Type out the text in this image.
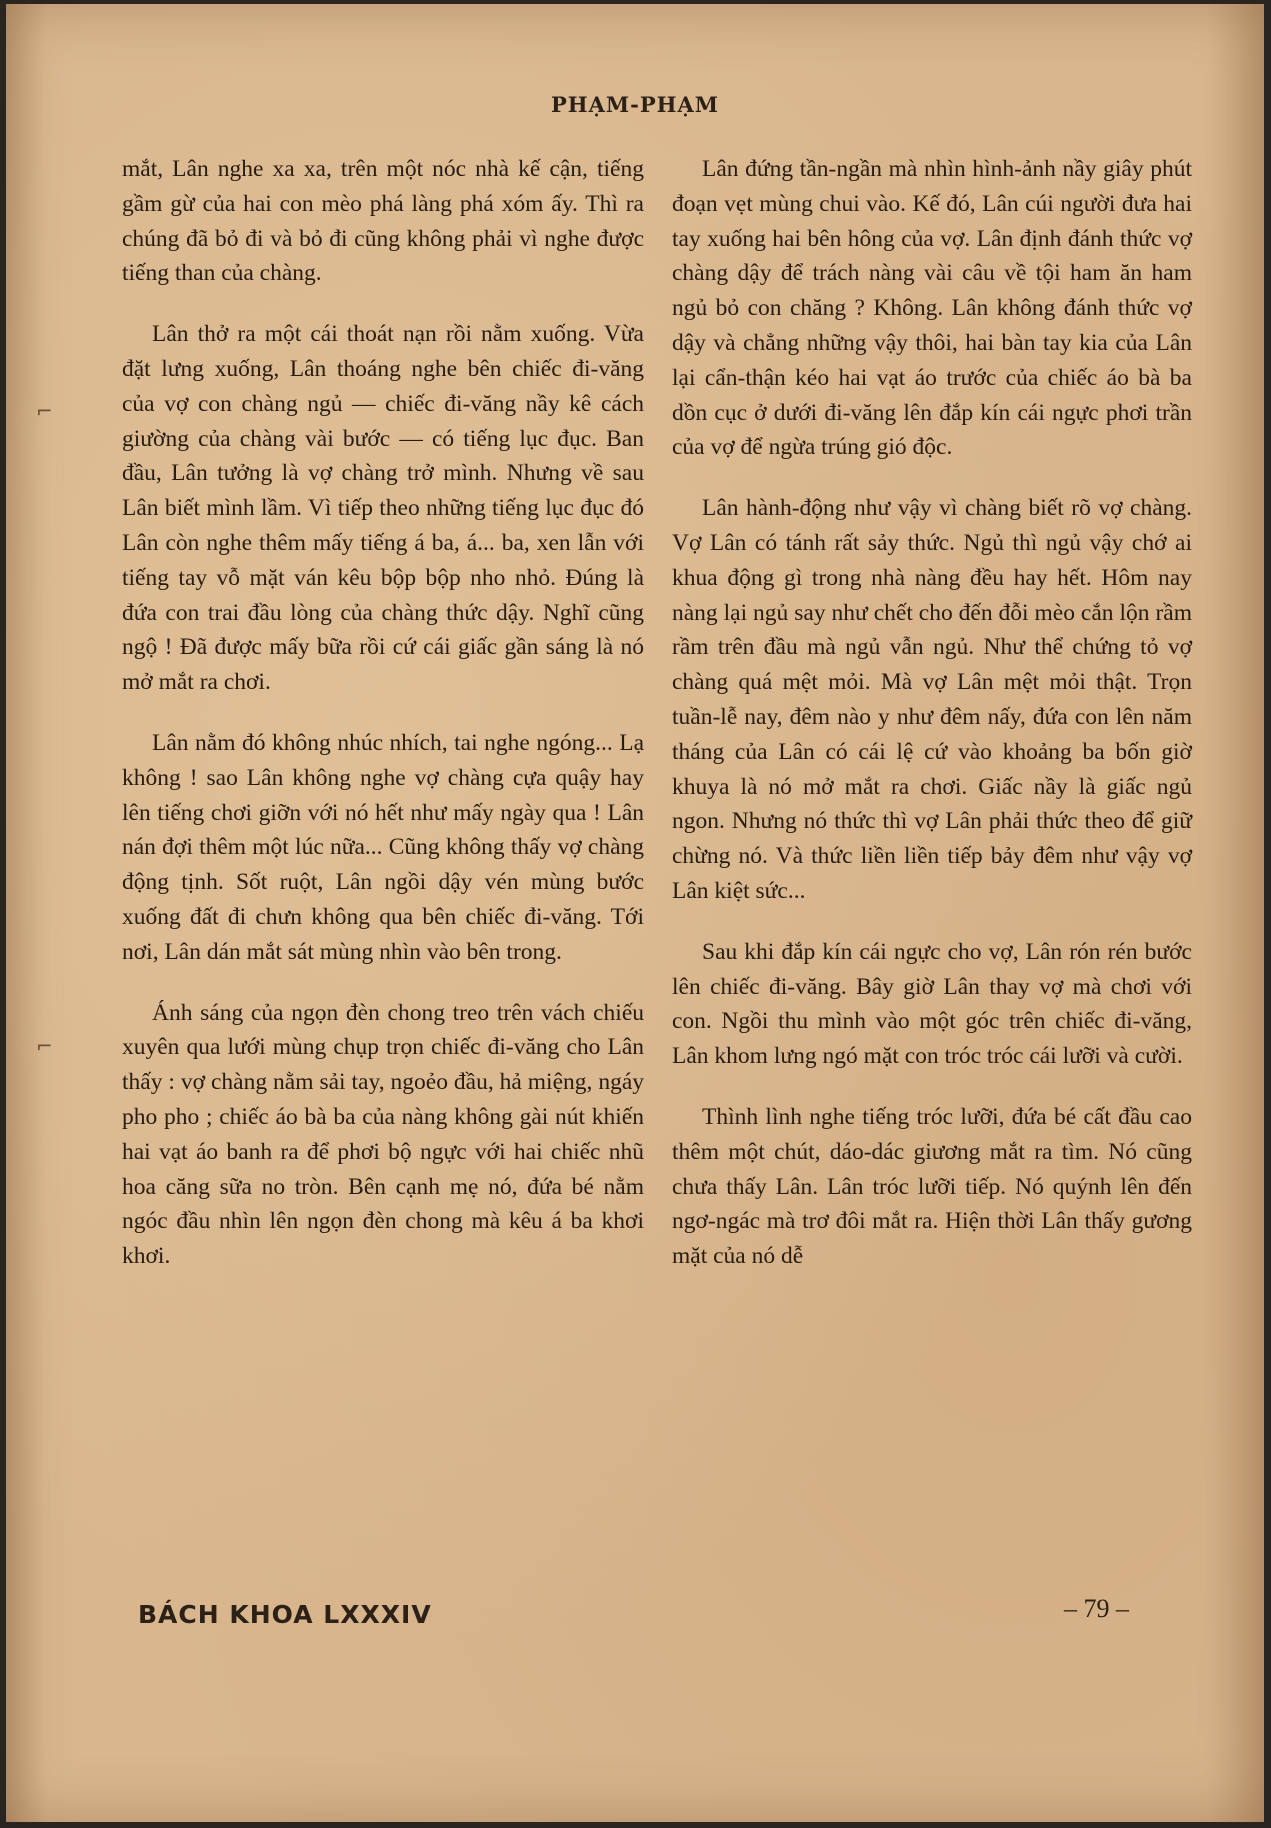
PHẠM-PHẠM

mắt, Lân nghe xa xa, trên một nóc nhà kế cận, tiếng gầm gừ của hai con mèo phá làng phá xóm ấy. Thì ra chúng đã bỏ đi và bỏ đi cũng không phải vì nghe được tiếng than của chàng.

Lân thở ra một cái thoát nạn rồi nằm xuống. Vừa đặt lưng xuống, Lân thoáng nghe bên chiếc đi-văng của vợ con chàng ngủ — chiếc đi-văng nầy kê cách giường của chàng vài bước — có tiếng lục đục. Ban đầu, Lân tưởng là vợ chàng trở mình. Nhưng về sau Lân biết mình lầm. Vì tiếp theo những tiếng lục đục đó Lân còn nghe thêm mấy tiếng á ba, á... ba, xen lẫn với tiếng tay vỗ mặt ván kêu bộp bộp nho nhỏ. Đúng là đứa con trai đầu lòng của chàng thức dậy. Nghĩ cũng ngộ ! Đã được mấy bữa rồi cứ cái giấc gần sáng là nó mở mắt ra chơi.

Lân nằm đó không nhúc nhích, tai nghe ngóng... Lạ không ! sao Lân không nghe vợ chàng cựa quậy hay lên tiếng chơi giỡn với nó hết như mấy ngày qua ! Lân nán đợi thêm một lúc nữa... Cũng không thấy vợ chàng động tịnh. Sốt ruột, Lân ngồi dậy vén mùng bước xuống đất đi chưn không qua bên chiếc đi-văng. Tới nơi, Lân dán mắt sát mùng nhìn vào bên trong.

Ánh sáng của ngọn đèn chong treo trên vách chiếu xuyên qua lưới mùng chụp trọn chiếc đi-văng cho Lân thấy : vợ chàng nằm sải tay, ngoẻo đầu, hả miệng, ngáy pho pho ; chiếc áo bà ba của nàng không gài nút khiến hai vạt áo banh ra để phơi bộ ngực với hai chiếc nhũ hoa căng sữa no tròn. Bên cạnh mẹ nó, đứa bé nằm ngóc đầu nhìn lên ngọn đèn chong mà kêu á ba khơi khơi.

Lân đứng tần-ngần mà nhìn hình-ảnh nầy giây phút đoạn vẹt mùng chui vào. Kế đó, Lân cúi người đưa hai tay xuống hai bên hông của vợ. Lân định đánh thức vợ chàng dậy để trách nàng vài câu về tội ham ăn ham ngủ bỏ con chăng ? Không. Lân không đánh thức vợ dậy và chẳng những vậy thôi, hai bàn tay kia của Lân lại cẩn-thận kéo hai vạt áo trước của chiếc áo bà ba dồn cục ở dưới đi-văng lên đắp kín cái ngực phơi trần của vợ để ngừa trúng gió độc.

Lân hành-động như vậy vì chàng biết rõ vợ chàng. Vợ Lân có tánh rất sảy thức. Ngủ thì ngủ vậy chớ ai khua động gì trong nhà nàng đều hay hết. Hôm nay nàng lại ngủ say như chết cho đến đỗi mèo cắn lộn rầm rầm trên đầu mà ngủ vẫn ngủ. Như thể chứng tỏ vợ chàng quá mệt mỏi. Mà vợ Lân mệt mỏi thật. Trọn tuần-lễ nay, đêm nào y như đêm nấy, đứa con lên năm tháng của Lân có cái lệ cứ vào khoảng ba bốn giờ khuya là nó mở mắt ra chơi. Giấc nầy là giấc ngủ ngon. Nhưng nó thức thì vợ Lân phải thức theo để giữ chừng nó. Và thức liền liền tiếp bảy đêm như vậy vợ Lân kiệt sức...

Sau khi đắp kín cái ngực cho vợ, Lân rón rén bước lên chiếc đi-văng. Bây giờ Lân thay vợ mà chơi với con. Ngồi thu mình vào một góc trên chiếc đi-văng, Lân khom lưng ngó mặt con tróc tróc cái lưỡi và cười.

Thình lình nghe tiếng tróc lưỡi, đứa bé cất đầu cao thêm một chút, dáo-dác giương mắt ra tìm. Nó cũng chưa thấy Lân. Lân tróc lưỡi tiếp. Nó quýnh lên đến ngơ-ngác mà trơ đôi mắt ra. Hiện thời Lân thấy gương mặt của nó dễ

BÁCH KHOA LXXXIV	– 79 –
⌐
⌐
